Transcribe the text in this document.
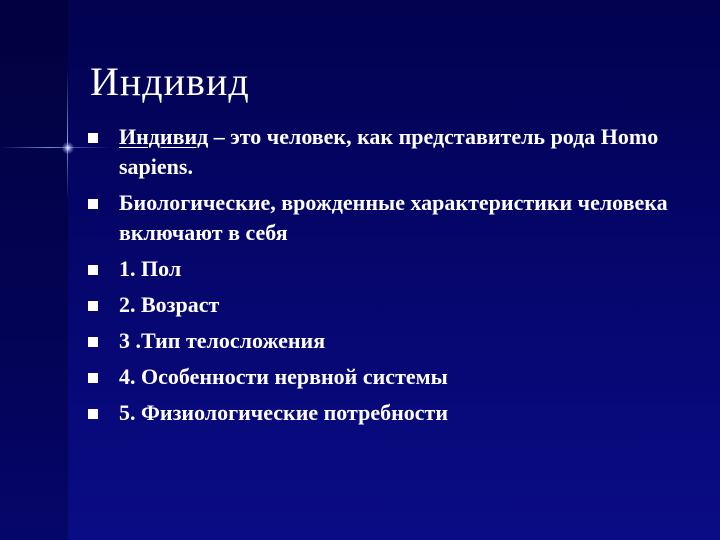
Индивид
Индивид – это человек, как представитель рода Homo sapiens.
Биологические, врожденные характеристики человека включают в себя
1. Пол
2. Возраст
3 .Тип телосложения
4. Особенности нервной системы
5. Физиологические потребности
